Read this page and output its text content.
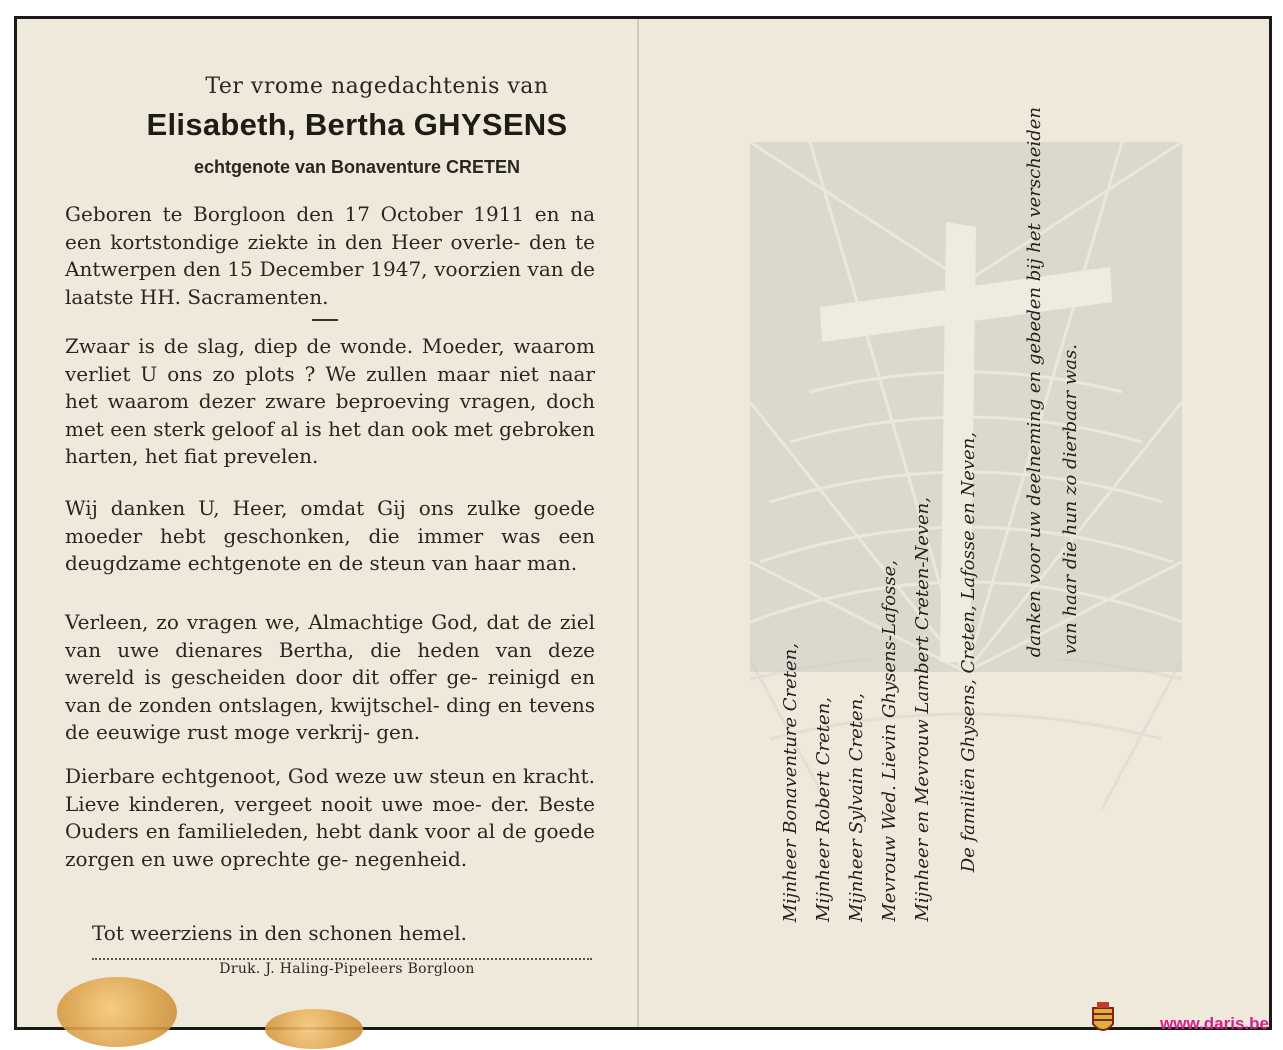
Ter vrome nagedachtenis van
Elisabeth, Bertha GHYSENS
echtgenote van Bonaventure CRETEN

Geboren te Borgloon den 17 October 1911 en na een kortstondige ziekte in den Heer overle- den te Antwerpen den 15 December 1947, voorzien van de laatste HH. Sacramenten.

Zwaar is de slag, diep de wonde. Moeder, waarom verliet U ons zo plots ? We zullen maar niet naar het waarom dezer zware beproeving vragen, doch met een sterk geloof al is het dan ook met gebroken harten, het fiat prevelen.

Wij danken U, Heer, omdat Gij ons zulke goede moeder hebt geschonken, die immer was een deugdzame echtgenote en de steun van haar man.

Verleen, zo vragen we, Almachtige God, dat de ziel van uwe dienares Bertha, die heden van deze wereld is gescheiden door dit offer ge- reinigd en van de zonden ontslagen, kwijtschel- ding en tevens de eeuwige rust moge verkrij- gen.

Dierbare echtgenoot, God weze uw steun en kracht. Lieve kinderen, vergeet nooit uwe moe- der. Beste Ouders en familieleden, hebt dank voor al de goede zorgen en uwe oprechte ge- negenheid.

Tot weerziens in den schonen hemel.

Druk. J. Haling-Pipeleers Borgloon
Mijnheer Bonaventure Creten, Mijnheer Robert Creten, Mijnheer Sylvain Creten, Mevrouw Wed. Lievin Ghysens-Lafosse, Mijnheer en Mevrouw Lambert Creten-Neven,	De familiën Ghysens, Creten, Lafosse en Neven,	danken voor uw deelneming en gebeden bij het verscheiden van haar die hun zo dierbaar was.
www.daris.be
